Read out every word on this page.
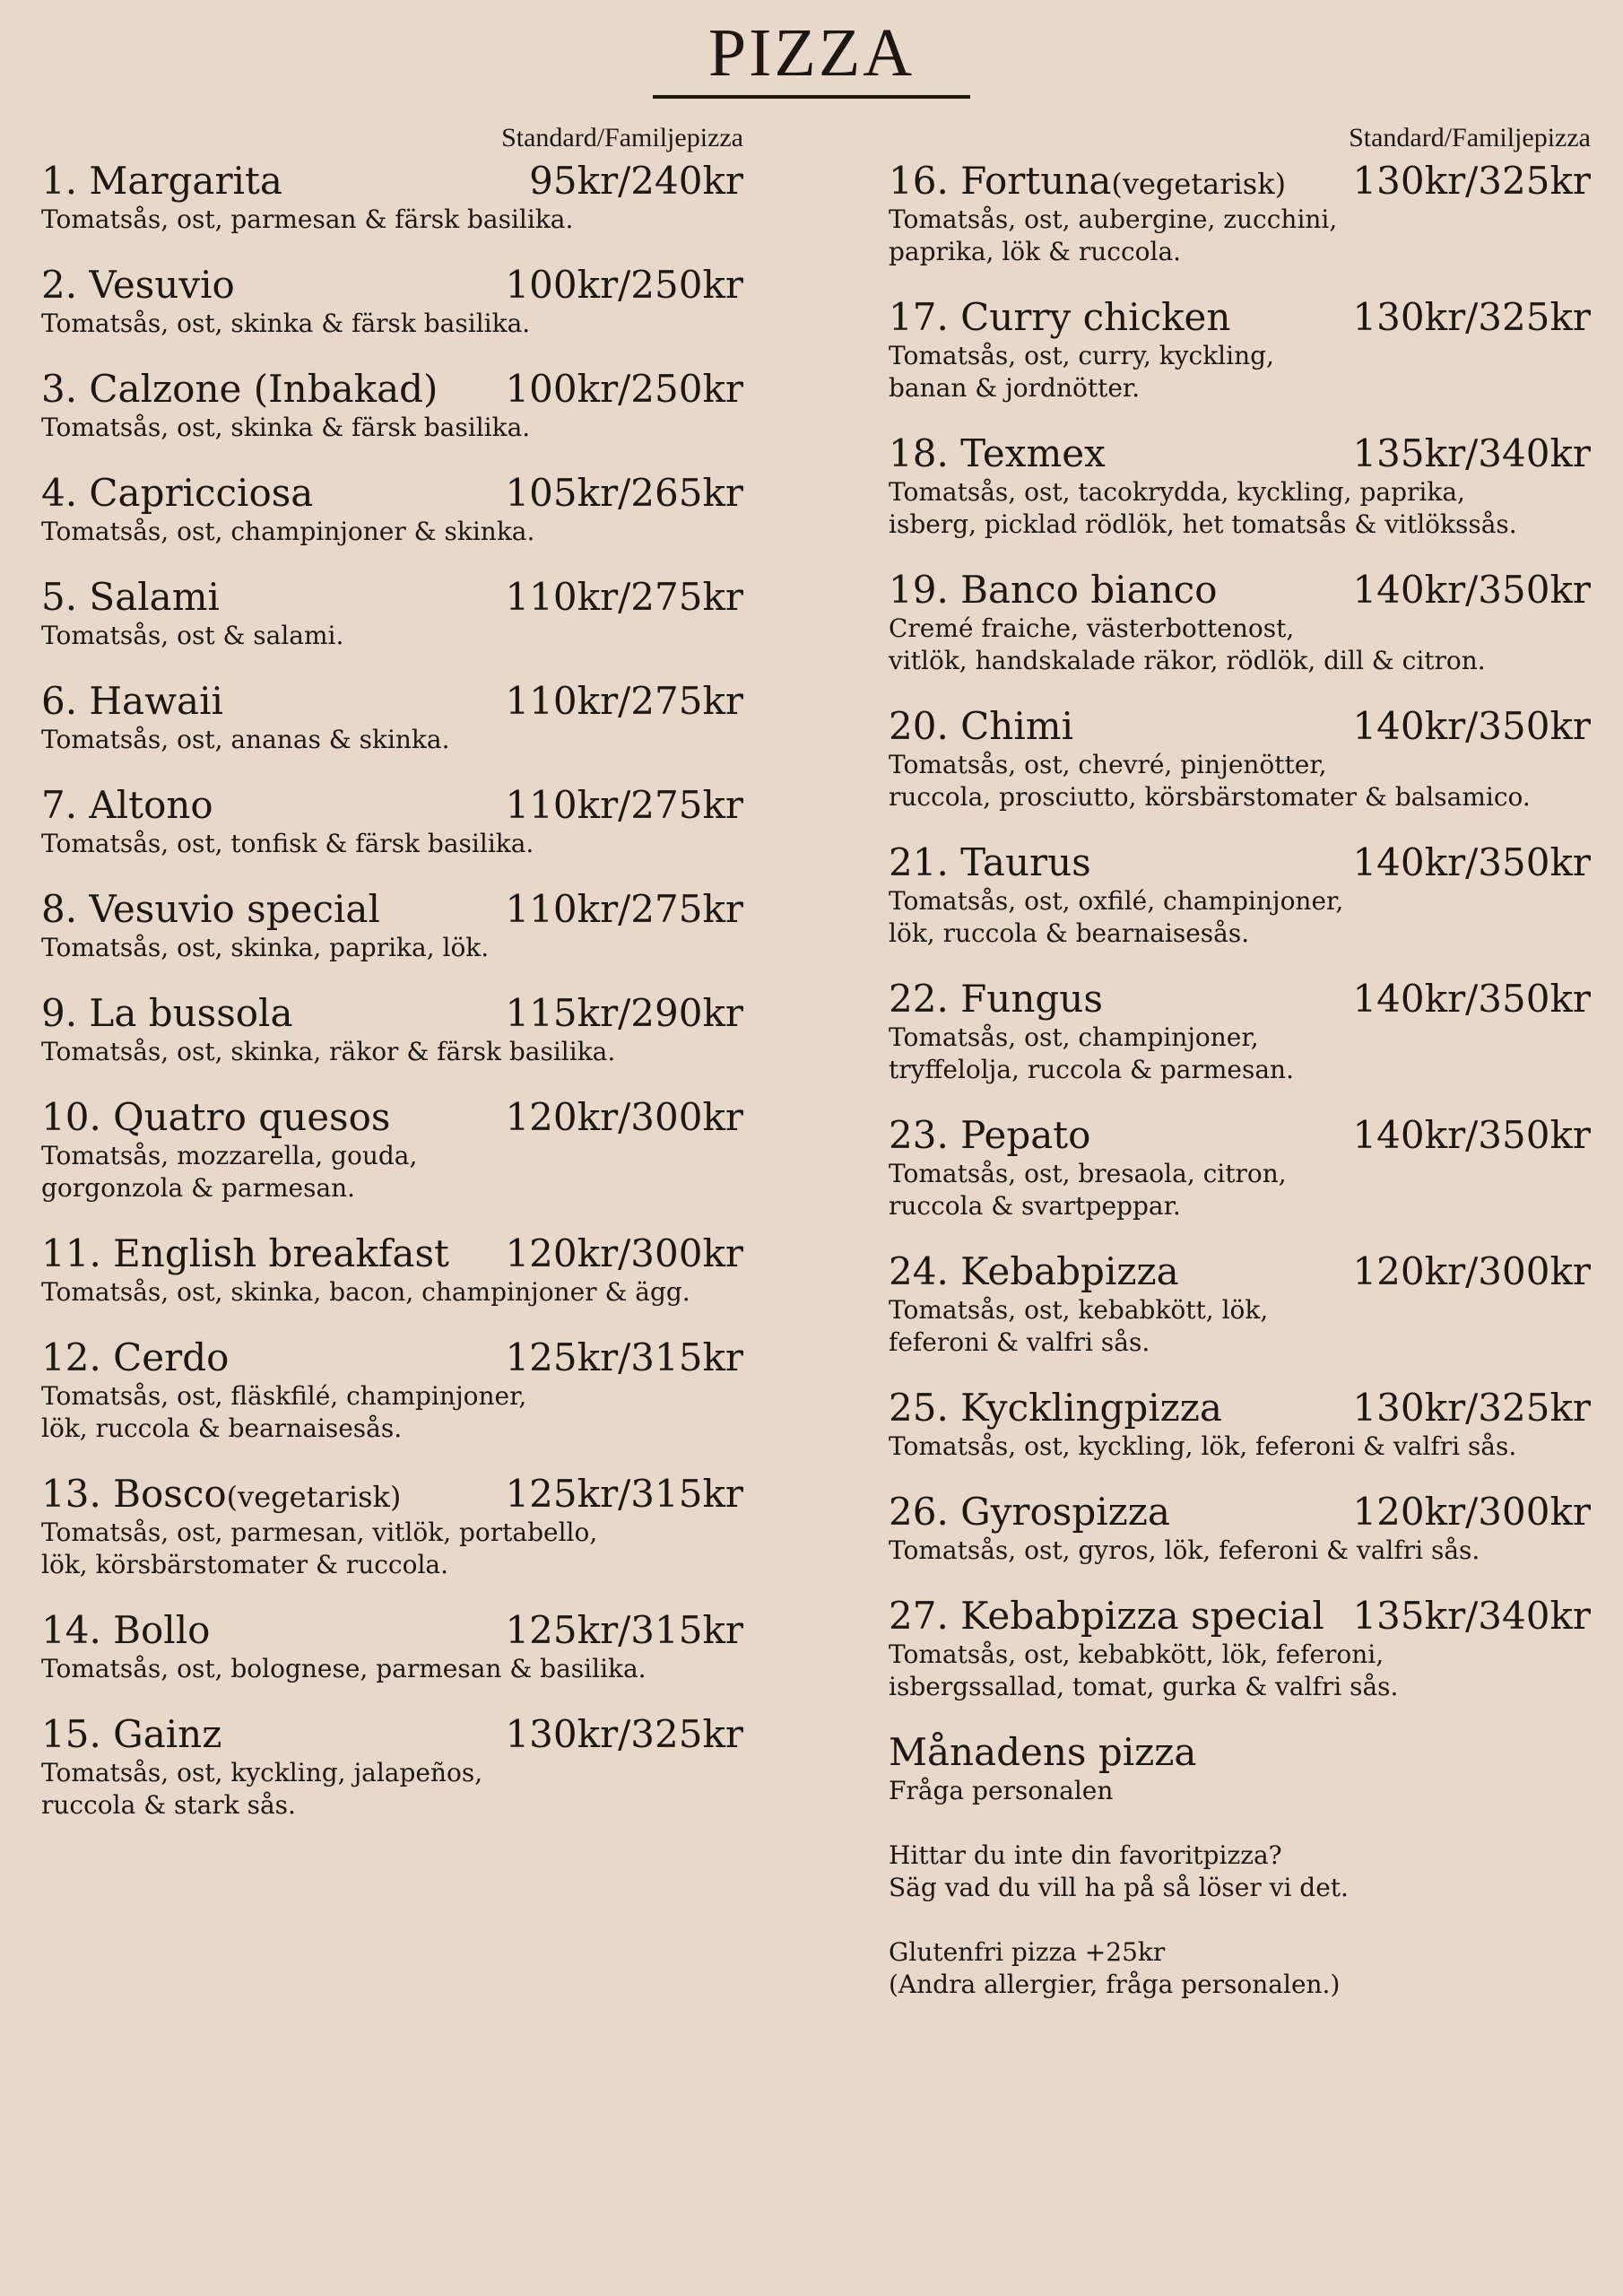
PIZZA
Standard/Familjepizza
1. Margarita	95kr/240kr
Tomatsås, ost, parmesan & färsk basilika.
2. Vesuvio	100kr/250kr
Tomatsås, ost, skinka & färsk basilika.
3. Calzone (Inbakad) 100kr/250kr
Tomatsås, ost, skinka & färsk basilika.
4. Capricciosa	105kr/265kr
Tomatsås, ost, champinjoner & skinka.
5. Salami	110kr/275kr
Tomatsås, ost & salami.
6. Hawaii	110kr/275kr
Tomatsås, ost, ananas & skinka.
7. Altono	110kr/275kr
Tomatsås, ost, tonfisk & färsk basilika.
8. Vesuvio special	110kr/275kr
Tomatsås, ost, skinka, paprika, lök.
9. La bussola	115kr/290kr
Tomatsås, ost, skinka, räkor & färsk basilika.
10. Quatro quesos	120kr/300kr
Tomatsås, mozzarella, gouda,
gorgonzola & parmesan.
11. English breakfast 120kr/300kr
Tomatsås, ost, skinka, bacon, champinjoner & ägg.
12. Cerdo	125kr/315kr
Tomatsås, ost, fläskfilé, champinjoner,
lök, ruccola & bearnaisesås.
13. Bosco(vegetarisk)	125kr/315kr
Tomatsås, ost, parmesan, vitlök, portabello,
lök, körsbärstomater & ruccola.
14. Bollo	125kr/315kr
Tomatsås, ost, bolognese, parmesan & basilika.
15. Gainz	130kr/325kr
Tomatsås, ost, kyckling, jalapeños,
ruccola & stark sås.
Standard/Familjepizza
16. Fortuna(vegetarisk) 130kr/325kr
Tomatsås, ost, aubergine, zucchini,
paprika, lök & ruccola.
17. Curry chicken	130kr/325kr
Tomatsås, ost, curry, kyckling,
banan & jordnötter.
18. Texmex	135kr/340kr
Tomatsås, ost, tacokrydda, kyckling, paprika,
isberg, picklad rödlök, het tomatsås & vitlökssås.
19. Banco bianco	140kr/350kr
Cremé fraiche, västerbottenost,
vitlök, handskalade räkor, rödlök, dill & citron.
20. Chimi	140kr/350kr
Tomatsås, ost, chevré, pinjenötter,
ruccola, prosciutto, körsbärstomater & balsamico.
21. Taurus	140kr/350kr
Tomatsås, ost, oxfilé, champinjoner,
lök, ruccola & bearnaisesås.
22. Fungus	140kr/350kr
Tomatsås, ost, champinjoner,
tryffelolja, ruccola & parmesan.
23. Pepato	140kr/350kr
Tomatsås, ost, bresaola, citron,
ruccola & svartpeppar.
24. Kebabpizza	120kr/300kr
Tomatsås, ost, kebabkött, lök,
feferoni & valfri sås.
25. Kycklingpizza	130kr/325kr
Tomatsås, ost, kyckling, lök, feferoni & valfri sås.
26. Gyrospizza	120kr/300kr
Tomatsås, ost, gyros, lök, feferoni & valfri sås.
27. Kebabpizza special 135kr/340kr
Tomatsås, ost, kebabkött, lök, feferoni,
isbergssallad, tomat, gurka & valfri sås.
Månadens pizza
Fråga personalen
Hittar du inte din favoritpizza?
Säg vad du vill ha på så löser vi det.
Glutenfri pizza +25kr
(Andra allergier, fråga personalen.)
